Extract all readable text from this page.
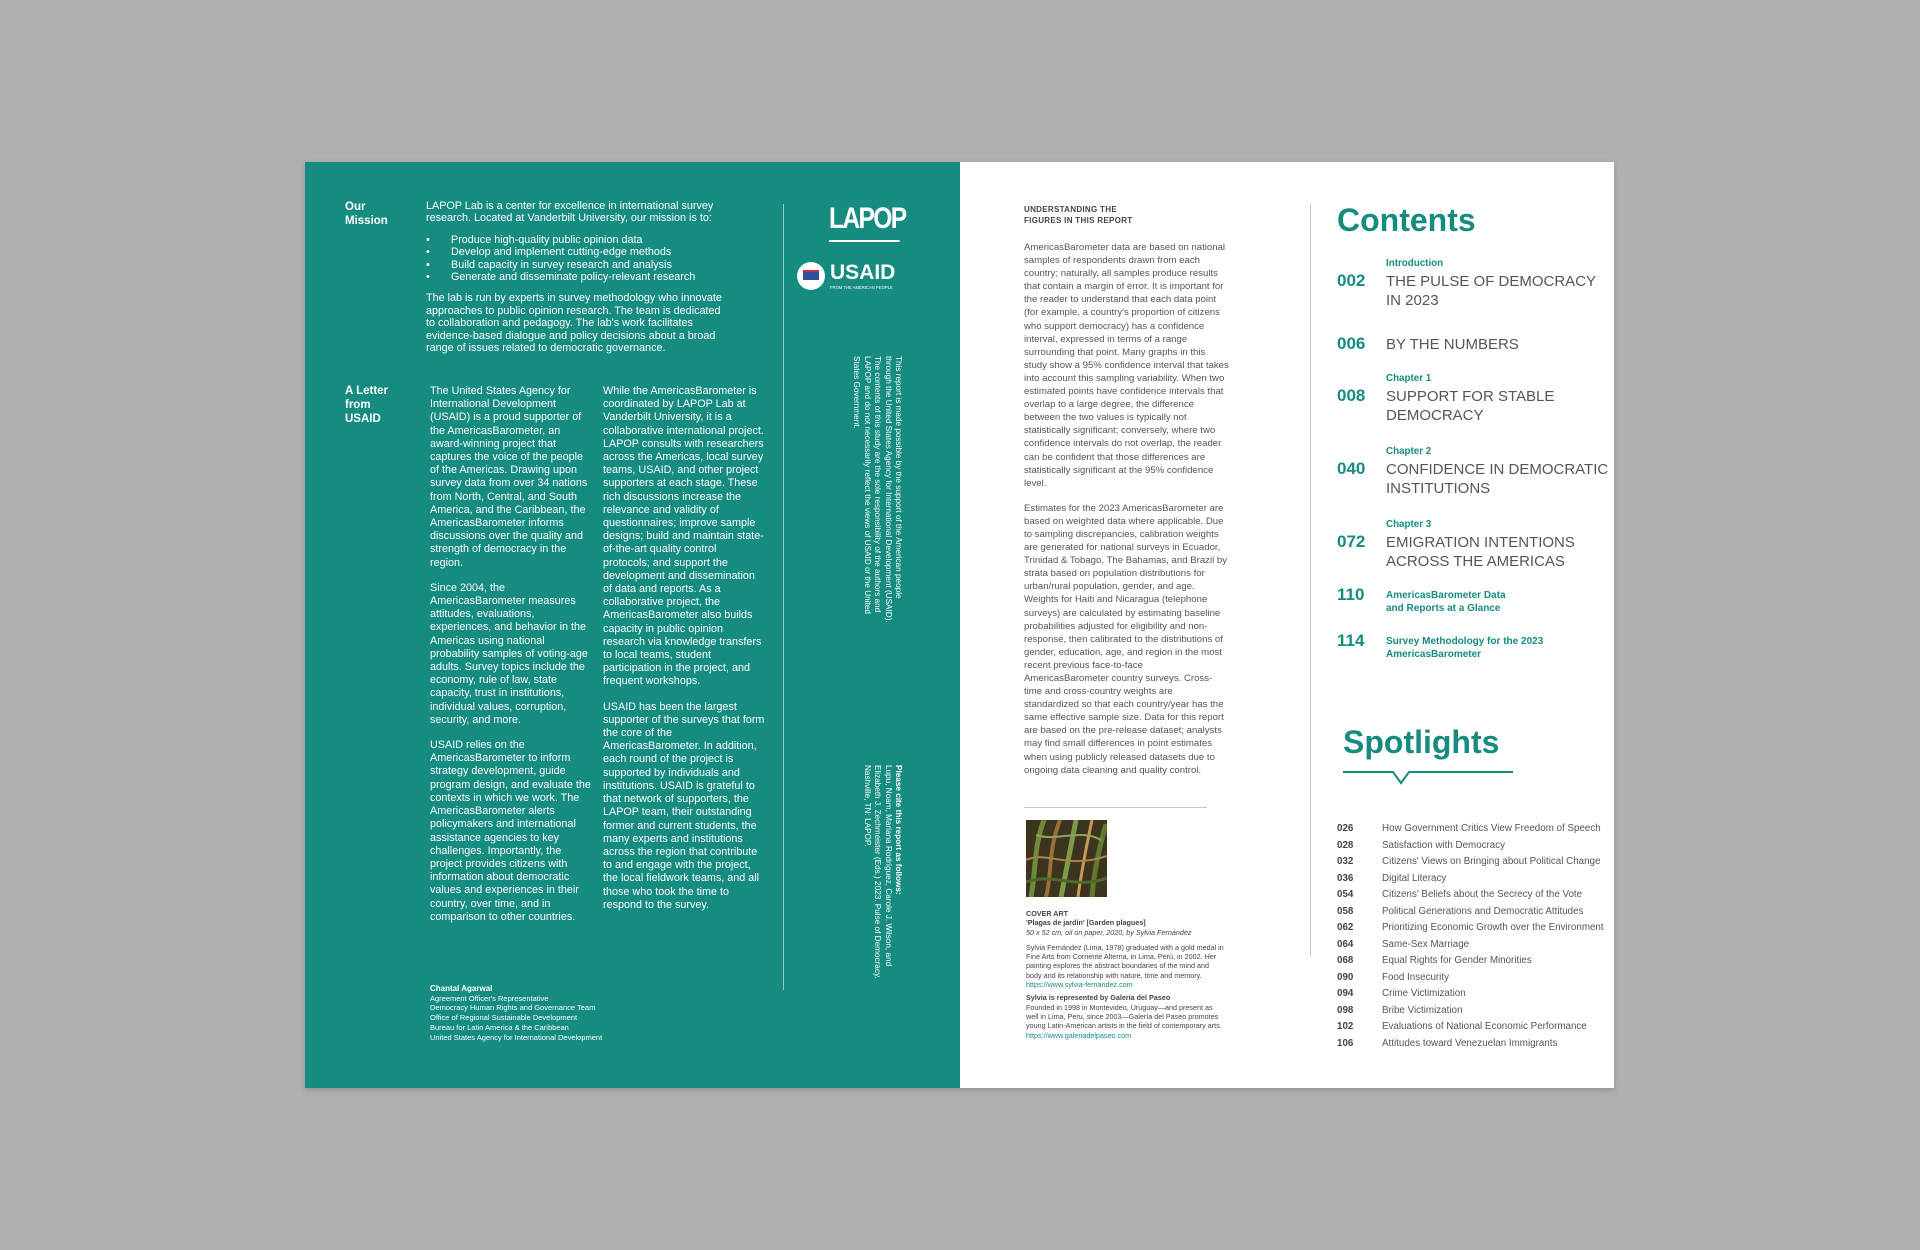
Our Mission

LAPOP Lab is a center for excellence in international survey research. Located at Vanderbilt University, our mission is to:

• Produce high-quality public opinion data
• Develop and implement cutting-edge methods
• Build capacity in survey research and analysis
• Generate and disseminate policy-relevant research

The lab is run by experts in survey methodology who innovate approaches to public opinion research. The team is dedicated to collaboration and pedagogy. The lab's work facilitates evidence-based dialogue and policy decisions about a broad range of issues related to democratic governance.

A Letter from USAID

The United States Agency for International Development (USAID) is a proud supporter of the AmericasBarometer, an award-winning project that captures the voice of the people of the Americas. Drawing upon survey data from over 34 nations from North, Central, and South America, and the Caribbean, the AmericasBarometer informs discussions over the quality and strength of democracy in the region.

Since 2004, the AmericasBarometer measures attitudes, evaluations, experiences, and behavior in the Americas using national probability samples of voting-age adults. Survey topics include the economy, rule of law, state capacity, trust in institutions, individual values, corruption, security, and more.

USAID relies on the AmericasBarometer to inform strategy development, guide program design, and evaluate the contexts in which we work. The AmericasBarometer alerts policymakers and international assistance agencies to key challenges. Importantly, the project provides citizens with information about democratic values and experiences in their country, over time, and in comparison to other countries.

While the AmericasBarometer is coordinated by LAPOP Lab at Vanderbilt University, it is a collaborative international project. LAPOP consults with researchers across the Americas, local survey teams, USAID, and other project supporters at each stage. These rich discussions increase the relevance and validity of questionnaires; improve sample designs; build and maintain state-of-the-art quality control protocols; and support the development and dissemination of data and reports. As a collaborative project, the AmericasBarometer also builds capacity in public opinion research via knowledge transfers to local teams, student participation in the project, and frequent workshops.

USAID has been the largest supporter of the surveys that form the core of the AmericasBarometer. In addition, each round of the project is supported by individuals and institutions. USAID is grateful to that network of supporters, the LAPOP team, their outstanding former and current students, the many experts and institutions across the region that contribute to and engage with the project, the local fieldwork teams, and all those who took the time to respond to the survey.

Chantal Agarwal
Agreement Officer's Representative
Democracy Human Rights and Governance Team
Office of Regional Sustainable Development
Bureau for Latin America & the Caribbean
United States Agency for International Development
LAPOP
USAID
FROM THE AMERICAN PEOPLE
This report is made possible by the support of the American people through the United States Agency for International Development (USAID). The contents of this study are the sole responsibility of the authors and LAPOP and do not necessarily reflect the views of USAID or the United States Government.
Please cite this report as follows:
Lupu, Noam, Mariana Rodríguez, Carole J. Wilson, and Elizabeth J. Zechmeister (Eds.) 2023. Pulse of Democracy. Nashville, TN: LAPOP.
UNDERSTANDING THE FIGURES IN THIS REPORT

AmericasBarometer data are based on national samples of respondents drawn from each country; naturally, all samples produce results that contain a margin of error. It is important for the reader to understand that each data point (for example, a country's proportion of citizens who support democracy) has a confidence interval, expressed in terms of a range surrounding that point. Many graphs in this study show a 95% confidence interval that takes into account this sampling variability. When two estimated points have confidence intervals that overlap to a large degree, the difference between the two values is typically not statistically significant; conversely, where two confidence intervals do not overlap, the reader can be confident that those differences are statistically significant at the 95% confidence level.

Estimates for the 2023 AmericasBarometer are based on weighted data where applicable. Due to sampling discrepancies, calibration weights are generated for national surveys in Ecuador, Trinidad & Tobago, The Bahamas, and Brazil by strata based on population distributions for urban/rural population, gender, and age. Weights for Haiti and Nicaragua (telephone surveys) are calculated by estimating baseline probabilities adjusted for eligibility and non-response, then calibrated to the distributions of gender, education, age, and region in the most recent previous face-to-face AmericasBarometer country surveys. Cross-time and cross-country weights are standardized so that each country/year has the same effective sample size. Data for this report are based on the pre-release dataset; analysts may find small differences in point estimates when using publicly released datasets due to ongoing data cleaning and quality control.

COVER ART

'Plagas de jardín' [Garden plagues]

50 x 52 cm, oil on paper, 2020, by Sylvia Fernández

Sylvia Fernández (Lima, 1978) graduated with a gold medal in Fine Arts from Corriente Alterna, in Lima, Perú, in 2002. Her painting explores the abstract boundaries of the mind and body and its relationship with nature, time and memory. https://www.sylvia-fernandez.com

Sylvia is represented by Galería del Paseo

Founded in 1998 in Montevideo, Uruguay—and present as well in Lima, Peru, since 2003—Galería del Paseo promotes young Latin-American artists in the field of contemporary arts. https://www.galeriadelpaseo.com

Contents
Introduction
002 THE PULSE OF DEMOCRACY IN 2023
006 BY THE NUMBERS
Chapter 1
008 SUPPORT FOR STABLE DEMOCRACY
Chapter 2
040 CONFIDENCE IN DEMOCRATIC INSTITUTIONS
Chapter 3
072 EMIGRATION INTENTIONS ACROSS THE AMERICAS
110 AmericasBarometer Data and Reports at a Glance
114 Survey Methodology for the 2023 AmericasBarometer
Spotlights
026	How Government Critics View Freedom of Speech
028	Satisfaction with Democracy
032	Citizens' Views on Bringing about Political Change
036	Digital Literacy
054	Citizens' Beliefs about the Secrecy of the Vote
058	Political Generations and Democratic Attitudes
062	Prioritizing Economic Growth over the Environment
064	Same-Sex Marriage
068	Equal Rights for Gender Minorities
090	Food Insecurity
094	Crime Victimization
098	Bribe Victimization
102	Evaluations of National Economic Performance
106	Attitudes toward Venezuelan Immigrants
